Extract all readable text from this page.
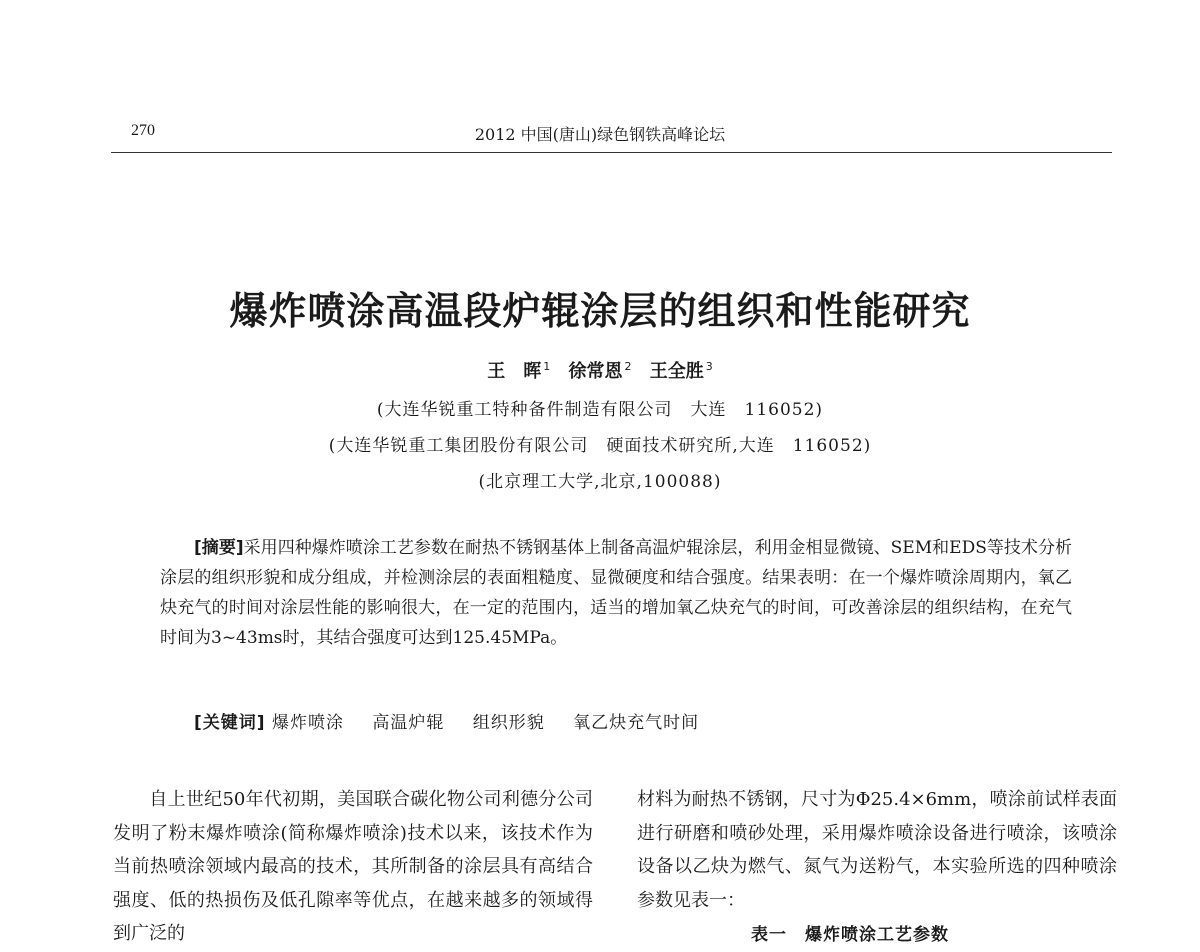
270	2012 中国(唐山)绿色钢铁高峰论坛
爆炸喷涂高温段炉辊涂层的组织和性能研究
王　晖 $^1$ 徐常恩 $^2$ 王全胜 $^3$
(大连华锐重工特种备件制造有限公司　大连　116052)
(大连华锐重工集团股份有限公司　硬面技术研究所,大连　116052)
(北京理工大学,北京,100088)
[摘要]采用四种爆炸喷涂工艺参数在耐热不锈钢基体上制备高温炉辊涂层，利用金相显微镜、SEM和EDS等技术分析涂层的组织形貌和成分组成，并检测涂层的表面粗糙度、显微硬度和结合强度。结果表明：在一个爆炸喷涂周期内，氧乙炔充气的时间对涂层性能的影响很大，在一定的范围内，适当的增加氧乙炔充气的时间，可改善涂层的组织结构，在充气时间为3~43ms时，其结合强度可达到125.45MPa。
[关键词] 爆炸喷涂 高温炉辊 组织形貌 氧乙炔充气时间

自上世纪50年代初期，美国联合碳化物公司利德分公司发明了粉末爆炸喷涂(简称爆炸喷涂)技术以来，该技术作为当前热喷涂领域内最高的技术，其所制备的涂层具有高结合强度、低的热损伤及低孔隙率等优点，在越来越多的领域得到广泛的

材料为耐热不锈钢，尺寸为Φ25.4×6mm，喷涂前试样表面进行研磨和喷砂处理，采用爆炸喷涂设备进行喷涂，该喷涂设备以乙炔为燃气、氮气为送粉气，本实验所选的四种喷涂参数见表一：

表一　爆炸喷涂工艺参数
